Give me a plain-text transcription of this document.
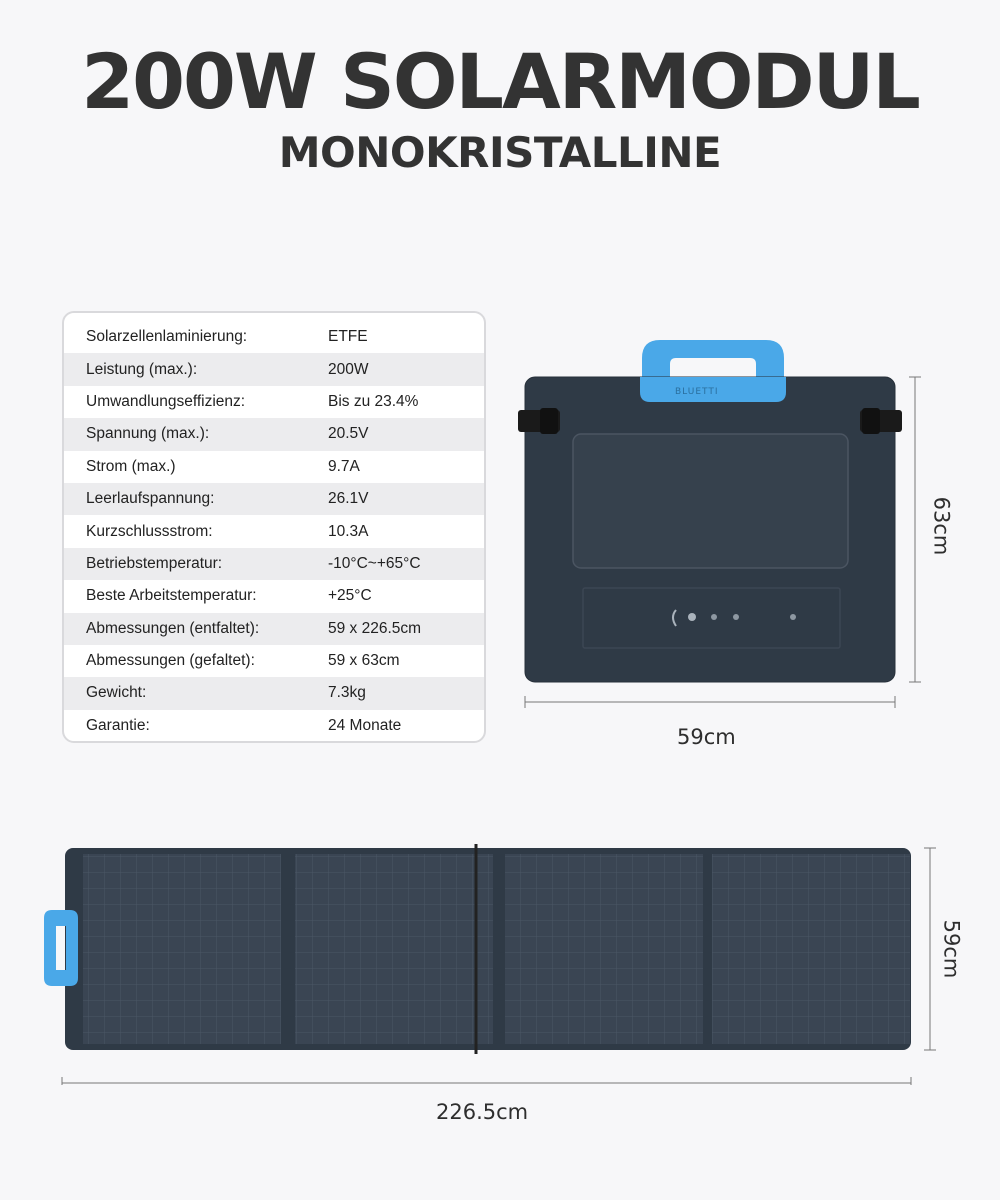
200W SOLARMODUL
MONOKRISTALLINE
Solarzellenlaminierung:	ETFE
Leistung (max.):	200W
Umwandlungseffizienz:	Bis zu 23.4%
Spannung (max.):	20.5V
Strom (max.)	9.7A
Leerlaufspannung:	26.1V
Kurzschlussstrom:	10.3A
Betriebstemperatur:	-10°C~+65°C
Beste Arbeitstemperatur:	+25°C
Abmessungen (entfaltet):	59 x 226.5cm
Abmessungen (gefaltet):	59 x 63cm
Gewicht:	7.3kg
Garantie:	24 Monate
BLUETTI
63cm
59cm
59cm
226.5cm
